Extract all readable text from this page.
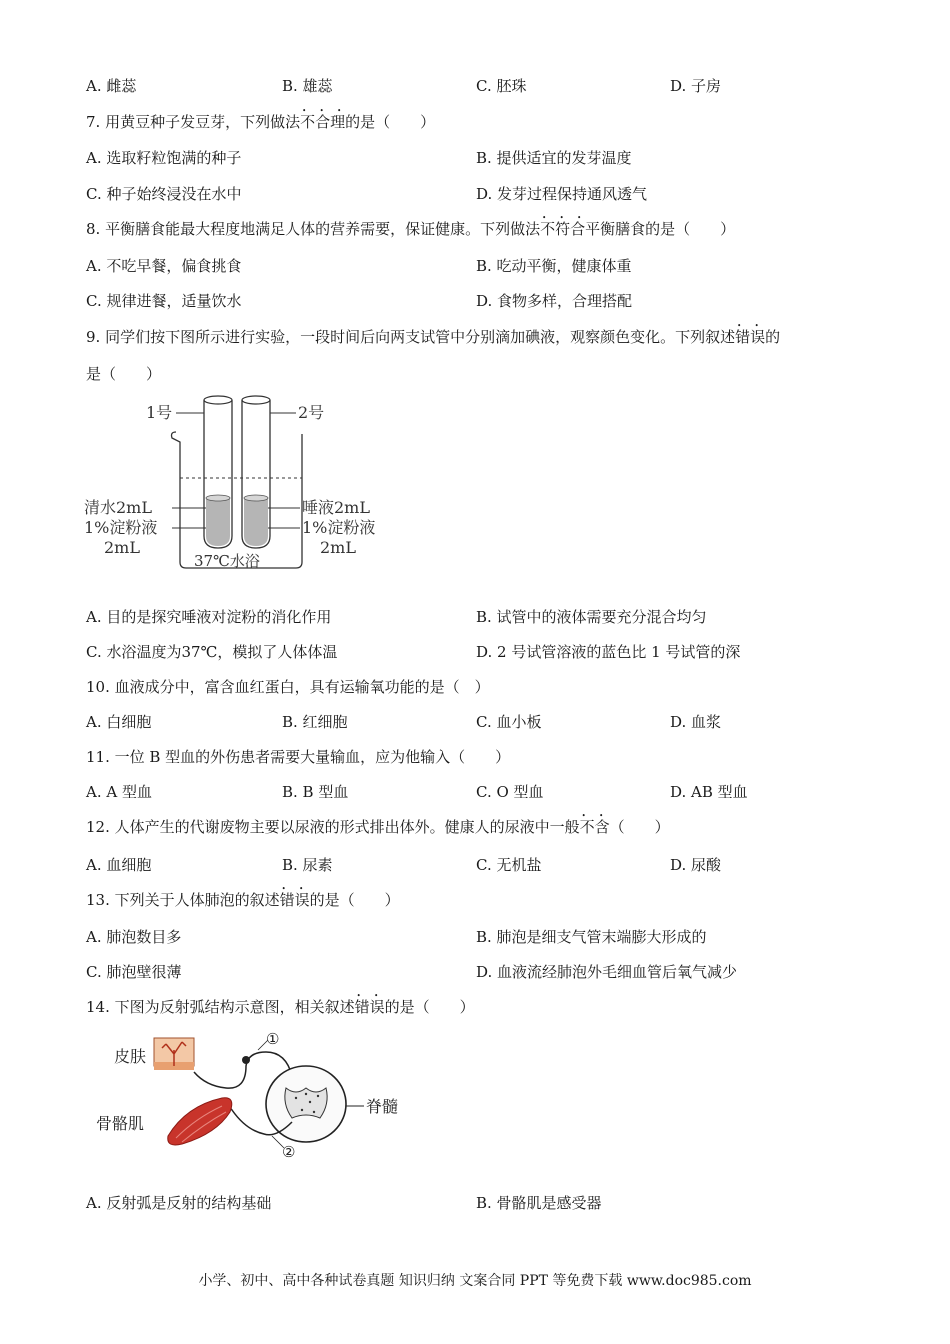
A. 雌蕊	B. 雄蕊	C. 胚珠	D. 子房
7. 用黄豆种子发豆芽，下列做法• • • 不合理的是（　　）
A. 选取籽粒饱满的种子	B. 提供适宜的发芽温度
C. 种子始终浸没在水中	D. 发芽过程保持通风透气
8. 平衡膳食能最大程度地满足人体的营养需要，保证健康。下列做法• • • 不符合平衡膳食的是（　　）
A. 不吃早餐，偏食挑食	B. 吃动平衡，健康体重
C. 规律进餐，适量饮水	D. 食物多样，合理搭配
9. 同学们按下图所示进行实验，一段时间后向两支试管中分别滴加碘液，观察颜色变化。下列叙述• • 错误的
是（　　）
1号	2号
清水2mL
1%淀粉液
2mL
唾液2mL
1%淀粉液
2mL
37℃水浴
A. 目的是探究唾液对淀粉的消化作用	B. 试管中的液体需要充分混合均匀
C. 水浴温度为37℃，模拟了人体体温	D. 2 号试管溶液的蓝色比 1 号试管的深
10. 血液成分中，富含血红蛋白，具有运输氧功能的是（　）
A. 白细胞	B. 红细胞	C. 血小板	D. 血浆
11. 一位 B 型血的外伤患者需要大量输血，应为他输入（　　）
A. A 型血	B. B 型血	C. O 型血	D. AB 型血
12. 人体产生的代谢废物主要以尿液的形式排出体外。健康人的尿液中一般• • 不含（　　）
A. 血细胞	B. 尿素	C. 无机盐	D. 尿酸
13. 下列关于人体肺泡的叙述• • 错误的是（　　）
A. 肺泡数目多	B. 肺泡是细支气管末端膨大形成的
C. 肺泡壁很薄	D. 血液流经肺泡外毛细血管后氧气减少
14. 下图为反射弧结构示意图，相关叙述• • 错误的是（　　）
皮肤
骨骼肌
脊髓
①
②
A. 反射弧是反射的结构基础	B. 骨骼肌是感受器
小学、初中、高中各种试卷真题 知识归纳 文案合同 PPT 等免费下载 www.doc985.com
